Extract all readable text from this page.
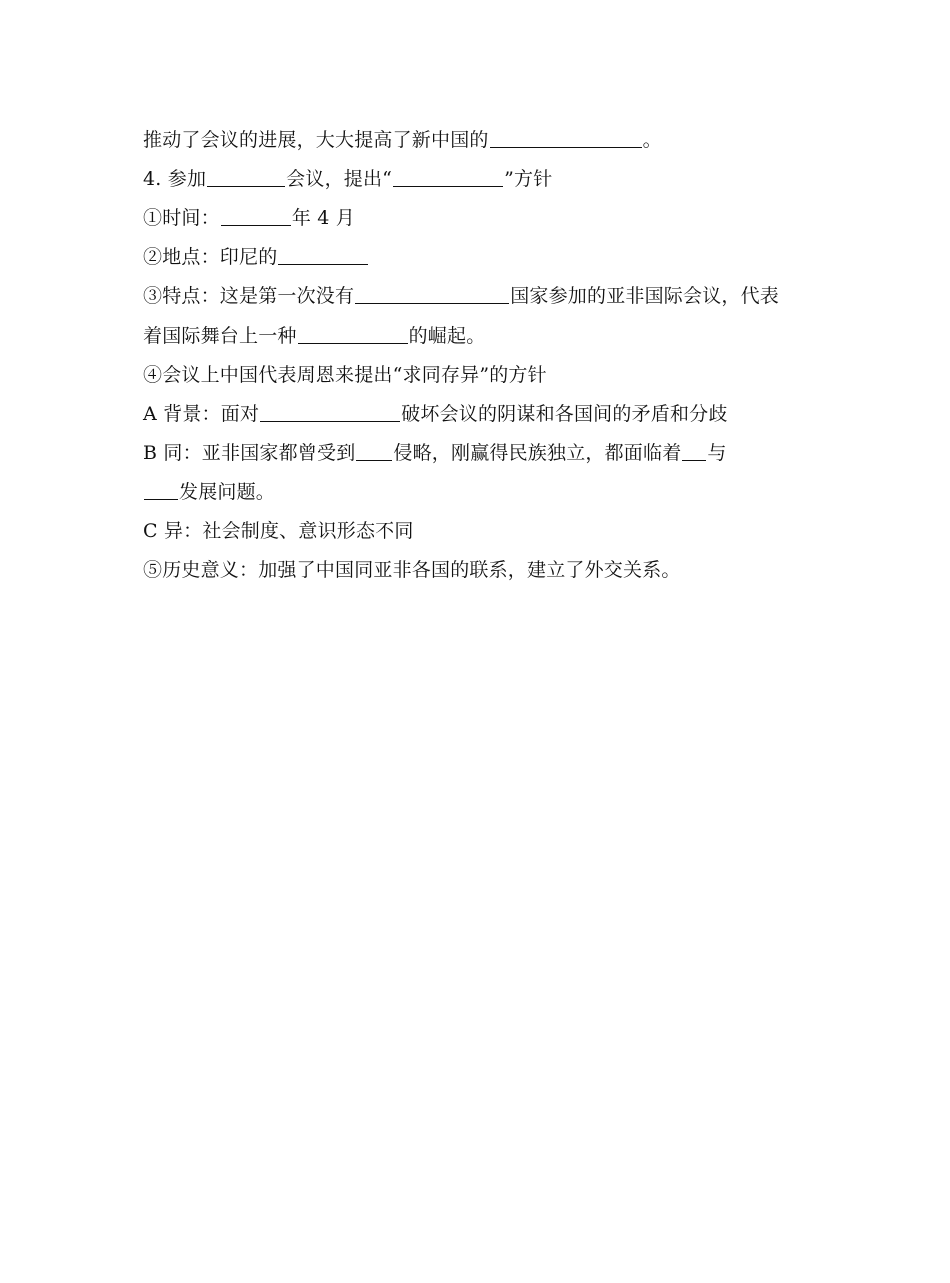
推动了会议的进展，大大提高了新中国的	。
4. 参加	会议，提出“	”方针
①时间：	年 4 月
②地点：印尼的
③特点：这是第一次没有	国家参加的亚非国际会议，代表
着国际舞台上一种	的崛起。
④会议上中国代表周恩来提出“求同存异”的方针
A 背景：面对	破坏会议的阴谋和各国间的矛盾和分歧
B 同：亚非国家都曾受到 侵略，刚赢得民族独立，都面临着 与
发展问题。
C 异：社会制度、意识形态不同
⑤历史意义：加强了中国同亚非各国的联系，建立了外交关系。
